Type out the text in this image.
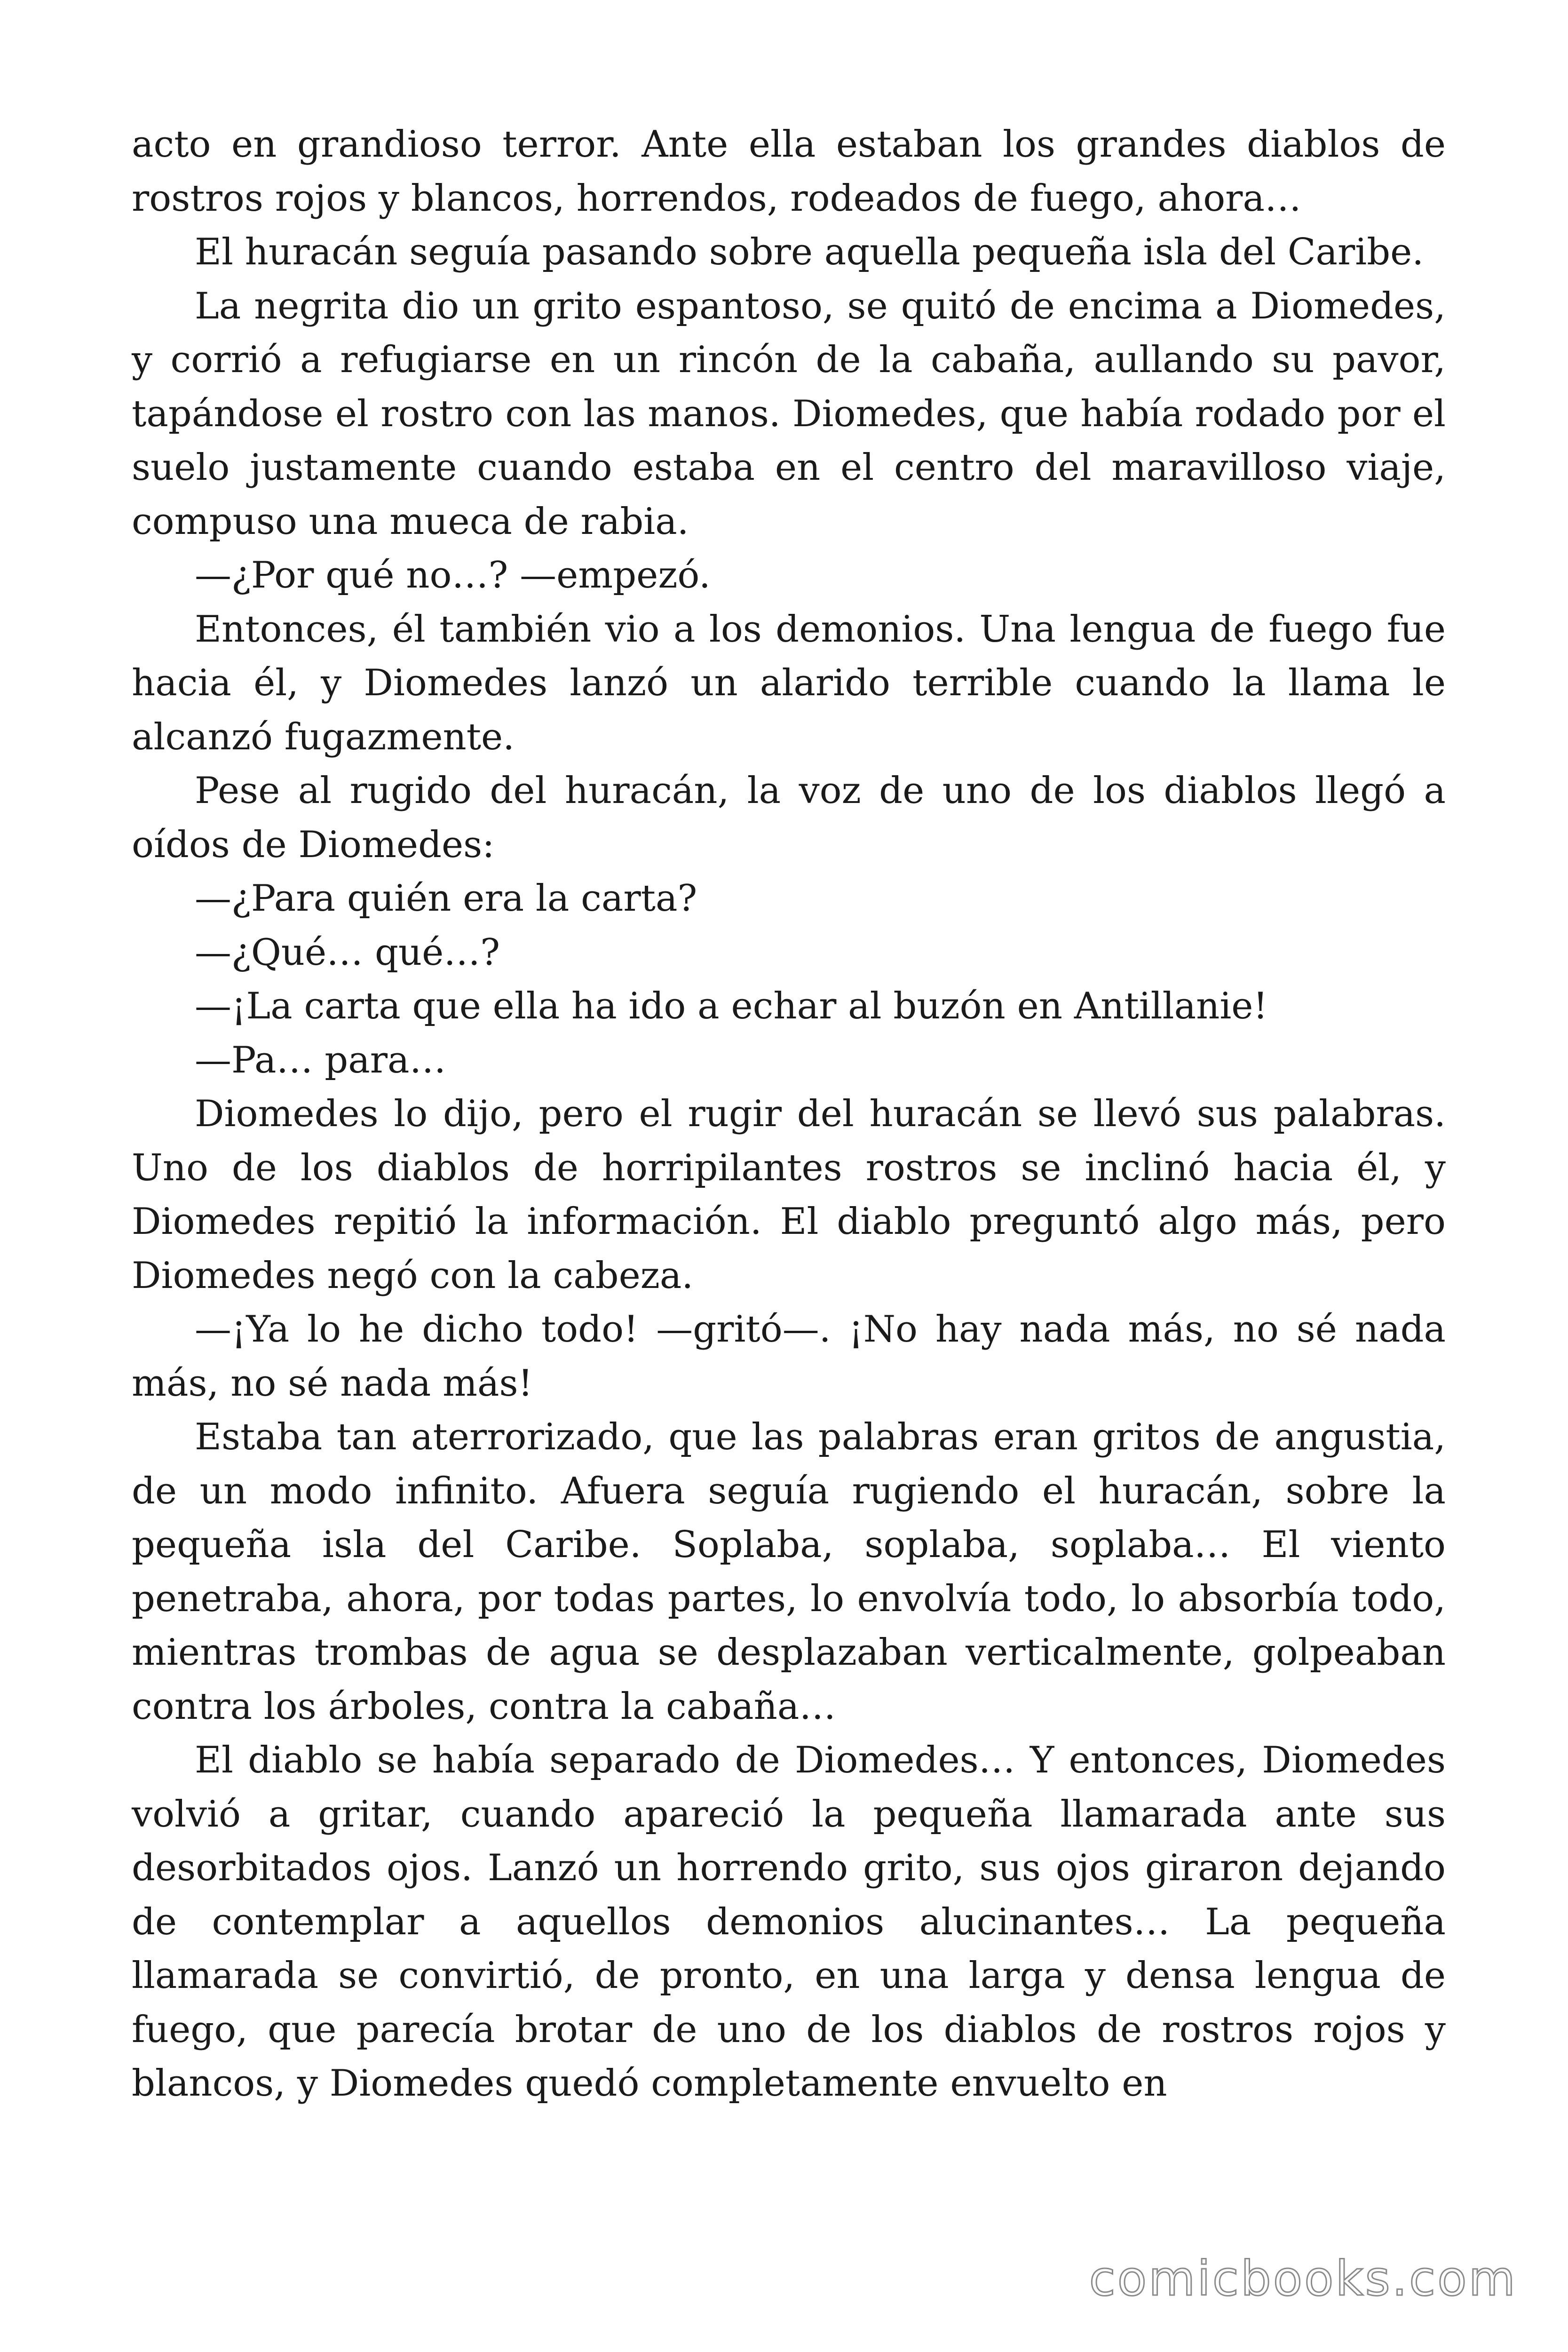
acto en grandioso terror. Ante ella estaban los grandes diablos de rostros rojos y blancos, horrendos, rodeados de fuego, ahora…

El huracán seguía pasando sobre aquella pequeña isla del Caribe.

La negrita dio un grito espantoso, se quitó de encima a Diomedes, y corrió a refugiarse en un rincón de la cabaña, aullando su pavor, tapándose el rostro con las manos. Diomedes, que había rodado por el suelo justamente cuando estaba en el centro del maravilloso viaje, compuso una mueca de rabia.

—¿Por qué no…? —empezó.

Entonces, él también vio a los demonios. Una lengua de fuego fue hacia él, y Diomedes lanzó un alarido terrible cuando la llama le alcanzó fugazmente.

Pese al rugido del huracán, la voz de uno de los diablos llegó a oídos de Diomedes:

—¿Para quién era la carta?

—¿Qué… qué…?

—¡La carta que ella ha ido a echar al buzón en Antillanie!

—Pa… para…

Diomedes lo dijo, pero el rugir del huracán se llevó sus palabras. Uno de los diablos de horripilantes rostros se inclinó hacia él, y Diomedes repitió la información. El diablo preguntó algo más, pero Diomedes negó con la cabeza.

—¡Ya lo he dicho todo! —gritó—. ¡No hay nada más, no sé nada más, no sé nada más!

Estaba tan aterrorizado, que las palabras eran gritos de angustia, de un modo infinito. Afuera seguía rugiendo el huracán, sobre la pequeña isla del Caribe. Soplaba, soplaba, soplaba… El viento penetraba, ahora, por todas partes, lo envolvía todo, lo absorbía todo, mientras trombas de agua se desplazaban verticalmente, golpeaban contra los árboles, contra la cabaña…

El diablo se había separado de Diomedes… Y entonces, Diomedes volvió a gritar, cuando apareció la pequeña llamarada ante sus desorbitados ojos. Lanzó un horrendo grito, sus ojos giraron dejando de contemplar a aquellos demonios alucinantes… La pequeña llamarada se convirtió, de pronto, en una larga y densa lengua de fuego, que parecía brotar de uno de los diablos de rostros rojos y blancos, y Diomedes quedó completamente envuelto en

comicbooks.com
